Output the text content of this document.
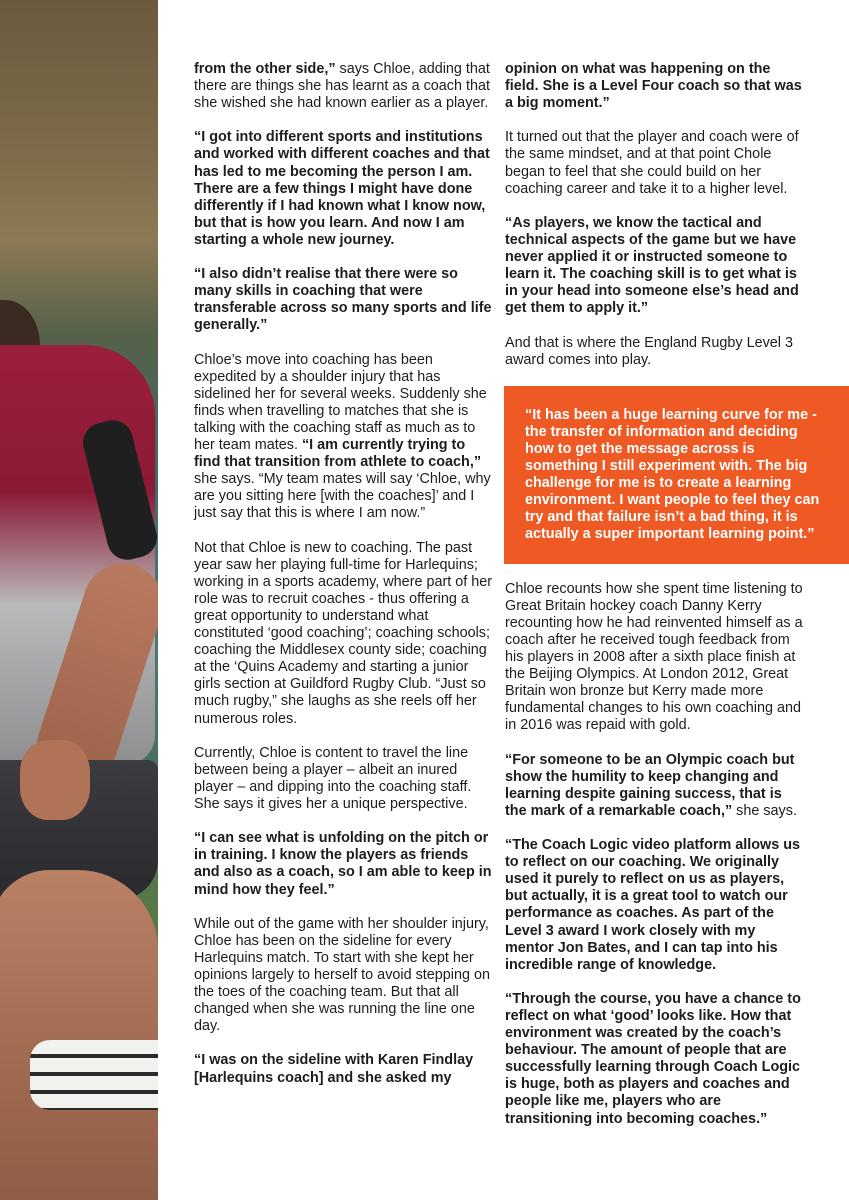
from the other side,” says Chloe, adding that there are things she has learnt as a coach that she wished she had known earlier as a player.

“I got into different sports and institutions and worked with different coaches and that has led to me becoming the person I am. There are a few things I might have done differently if I had known what I know now, but that is how you learn. And now I am starting a whole new journey.

“I also didn’t realise that there were so many skills in coaching that were transferable across so many sports and life generally.”

Chloe’s move into coaching has been expedited by a shoulder injury that has sidelined her for several weeks. Suddenly she finds when travelling to matches that she is talking with the coaching staff as much as to her team mates. “I am currently trying to find that transition from athlete to coach,” she says. “My team mates will say ‘Chloe, why are you sitting here [with the coaches]’ and I just say that this is where I am now.”

Not that Chloe is new to coaching. The past year saw her playing full-time for Harlequins; working in a sports academy, where part of her role was to recruit coaches - thus offering a great opportunity to understand what constituted ‘good coaching’; coaching schools; coaching the Middlesex county side; coaching at the ‘Quins Academy and starting a junior girls section at Guildford Rugby Club. “Just so much rugby,” she laughs as she reels off her numerous roles.

Currently, Chloe is content to travel the line between being a player – albeit an inured player – and dipping into the coaching staff. She says it gives her a unique perspective.

“I can see what is unfolding on the pitch or in training. I know the players as friends and also as a coach, so I am able to keep in mind how they feel.”

While out of the game with her shoulder injury, Chloe has been on the sideline for every Harlequins match. To start with she kept her opinions largely to herself to avoid stepping on the toes of the coaching team. But that all changed when she was running the line one day.

“I was on the sideline with Karen Findlay [Harlequins coach] and she asked my

opinion on what was happening on the field. She is a Level Four coach so that was a big moment.”

It turned out that the player and coach were of the same mindset, and at that point Chole began to feel that she could build on her coaching career and take it to a higher level.

“As players, we know the tactical and technical aspects of the game but we have never applied it or instructed someone to learn it. The coaching skill is to get what is in your head into someone else’s head and get them to apply it.”

And that is where the England Rugby Level 3 award comes into play.

“It has been a huge learning curve for me - the transfer of information and deciding how to get the message across is something I still experiment with. The big challenge for me is to create a learning environment. I want people to feel they can try and that failure isn’t a bad thing, it is actually a super important learning point.”

Chloe recounts how she spent time listening to Great Britain hockey coach Danny Kerry recounting how he had reinvented himself as a coach after he received tough feedback from his players in 2008 after a sixth place finish at the Beijing Olympics. At London 2012, Great Britain won bronze but Kerry made more fundamental changes to his own coaching and in 2016 was repaid with gold.

“For someone to be an Olympic coach but show the humility to keep changing and learning despite gaining success, that is the mark of a remarkable coach,” she says.

“The Coach Logic video platform allows us to reflect on our coaching. We originally used it purely to reflect on us as players, but actually, it is a great tool to watch our performance as coaches. As part of the Level 3 award I work closely with my mentor Jon Bates, and I can tap into his incredible range of knowledge.

“Through the course, you have a chance to reflect on what ‘good’ looks like. How that environment was created by the coach’s behaviour. The amount of people that are successfully learning through Coach Logic is huge, both as players and coaches and people like me, players who are transitioning into becoming coaches.”
